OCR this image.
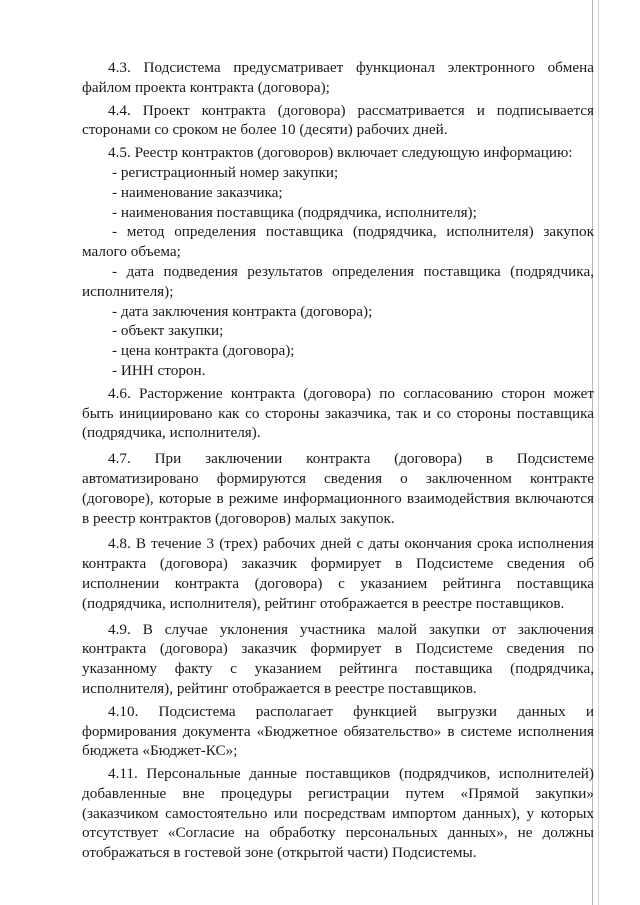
4.3. Подсистема предусматривает функционал электронного обмена файлом проекта контракта (договора);

4.4. Проект контракта (договора) рассматривается и подписывается сторонами со сроком не более 10 (десяти) рабочих дней.

4.5. Реестр контрактов (договоров) включает следующую информацию:

- регистрационный номер закупки;

- наименование заказчика;

- наименования поставщика (подрядчика, исполнителя);

- метод определения поставщика (подрядчика, исполнителя) закупок малого объема;

- дата подведения результатов определения поставщика (подрядчика, исполнителя);

- дата заключения контракта (договора);

- объект закупки;

- цена контракта (договора);

- ИНН сторон.

4.6. Расторжение контракта (договора) по согласованию сторон может быть инициировано как со стороны заказчика, так и со стороны поставщика (подрядчика, исполнителя).

4.7. При заключении контракта (договора) в Подсистеме автоматизировано формируются сведения о заключенном контракте (договоре), которые в режиме информационного взаимодействия включаются в реестр контрактов (договоров) малых закупок.

4.8. В течение 3 (трех) рабочих дней с даты окончания срока исполнения контракта (договора) заказчик формирует в Подсистеме сведения об исполнении контракта (договора) с указанием рейтинга поставщика (подрядчика, исполнителя), рейтинг отображается в реестре поставщиков.

4.9. В случае уклонения участника малой закупки от заключения контракта (договора) заказчик формирует в Подсистеме сведения по указанному факту с указанием рейтинга поставщика (подрядчика, исполнителя), рейтинг отображается в реестре поставщиков.

4.10. Подсистема располагает функцией выгрузки данных и формирования документа «Бюджетное обязательство» в системе исполнения бюджета «Бюджет-КС»;

4.11. Персональные данные поставщиков (подрядчиков, исполнителей) добавленные вне процедуры регистрации путем «Прямой закупки» (заказчиком самостоятельно или посредствам импортом данных), у которых отсутствует «Согласие на обработку персональных данных», не должны отображаться в гостевой зоне (открытой части) Подсистемы.
